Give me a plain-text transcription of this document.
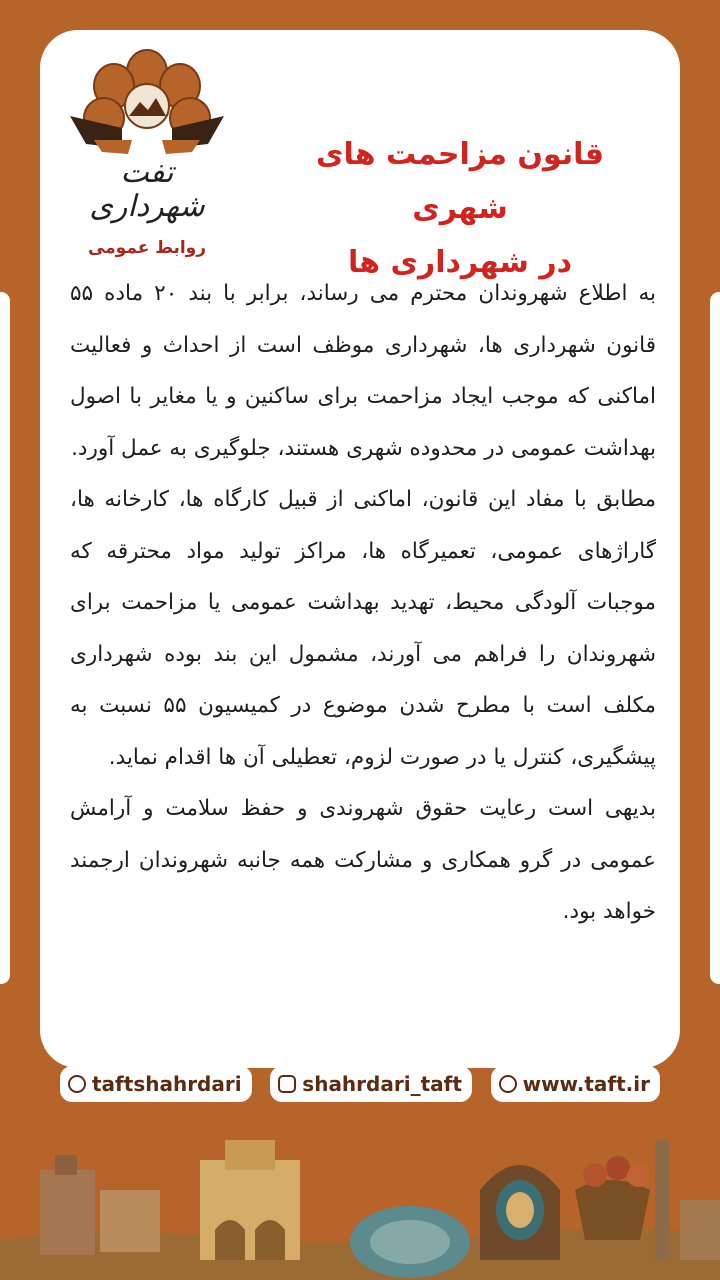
تفت شهرداری
روابط عمومی
قانون مزاحمت های شهری
در شهرداری ها

به اطلاع شهروندان محترم می رساند، برابر با بند ۲۰ ماده ۵۵ قانون شهرداری ها، شهرداری موظف است از احداث و فعالیت اماکنی که موجب ایجاد مزاحمت برای ساکنین و یا مغایر با اصول بهداشت عمومی در محدوده شهری هستند، جلوگیری به عمل آورد.

مطابق با مفاد این قانون، اماکنی از قبیل کارگاه ها، کارخانه ها، گاراژهای عمومی، تعمیرگاه ها، مراکز تولید مواد محترقه که موجبات آلودگی محیط، تهدید بهداشت عمومی یا مزاحمت برای شهروندان را فراهم می آورند، مشمول این بند بوده شهرداری مکلف است با مطرح شدن موضوع در کمیسیون ۵۵ نسبت به پیشگیری، کنترل یا در صورت لزوم، تعطیلی آن ها اقدام نماید.

بدیهی است رعایت حقوق شهروندی و حفظ سلامت و آرامش عمومی در گرو همکاری و مشارکت همه جانبه شهروندان ارجمند خواهد بود.

taftshahrdari	shahrdari_taft	www.taft.ir
